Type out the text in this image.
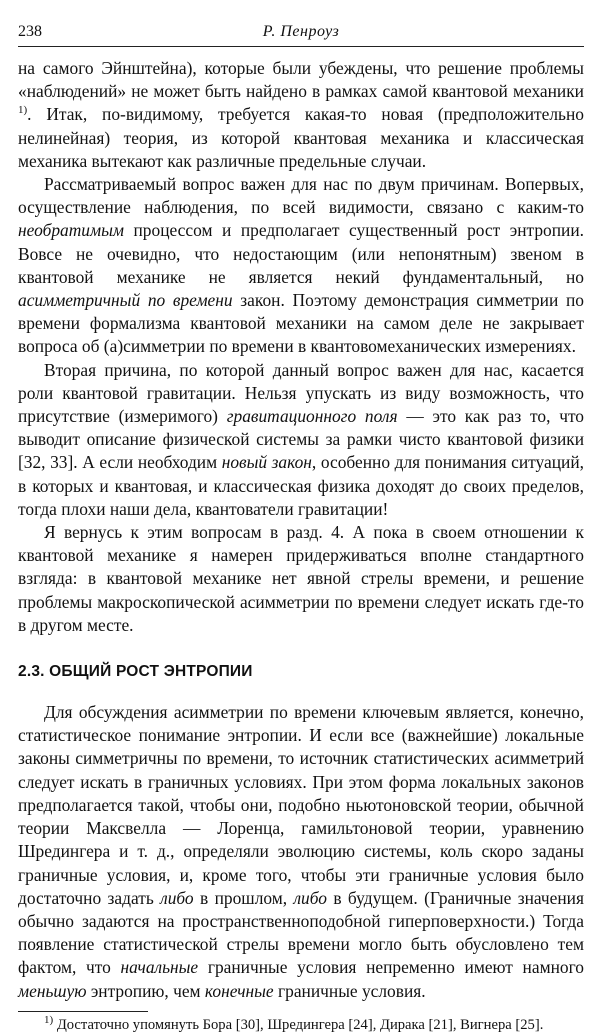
238	Р. Пенроуз

на самого Эйнштейна), которые были убеждены, что решение проблемы «наблюдений» не может быть найдено в рамках самой квантовой механики $^{1)}$. Итак, по-видимому, требуется какая-то новая (предположительно нелинейная) теория, из которой квантовая механика и классическая механика вытекают как различные предельные случаи.

Рассматриваемый вопрос важен для нас по двум причинам. Вопервых, осуществление наблюдения, по всей видимости, связано с каким-то необратимым процессом и предполагает существенный рост энтропии. Вовсе не очевидно, что недостающим (или непонятным) звеном в квантовой механике не является некий фундаментальный, но асимметричный по времени закон. Поэтому демонстрация симметрии по времени формализма квантовой механики на самом деле не закрывает вопроса об (а)симметрии по времени в квантовомеханических измерениях.

Вторая причина, по которой данный вопрос важен для нас, касается роли квантовой гравитации. Нельзя упускать из виду возможность, что присутствие (измеримого) гравитационного поля — это как раз то, что выводит описание физической системы за рамки чисто квантовой физики [32, 33]. А если необходим новый закон, особенно для понимания ситуаций, в которых и квантовая, и классическая физика доходят до своих пределов, тогда плохи наши дела, квантователи гравитации!

Я вернусь к этим вопросам в разд. 4. А пока в своем отношении к квантовой механике я намерен придерживаться вполне стандартного взгляда: в квантовой механике нет явной стрелы времени, и решение проблемы макроскопической асимметрии по времени следует искать где-то в другом месте.

2.3. ОБЩИЙ РОСТ ЭНТРОПИИ

Для обсуждения асимметрии по времени ключевым является, конечно, статистическое понимание энтропии. И если все (важнейшие) локальные законы симметричны по времени, то источник статистических асимметрий следует искать в граничных условиях. При этом форма локальных законов предполагается такой, чтобы они, подобно ньютоновской теории, обычной теории Максвелла — Лоренца, гамильтоновой теории, уравнению Шредингера и т. д., определяли эволюцию системы, коль скоро заданы граничные условия, и, кроме того, чтобы эти граничные условия было достаточно задать либо в прошлом, либо в будущем. (Граничные значения обычно задаются на пространственноподобной гиперповерхности.) Тогда появление статистической стрелы времени могло быть обусловлено тем фактом, что начальные граничные условия непременно имеют намного меньшую энтропию, чем конечные граничные условия.

$^{1)}$ Достаточно упомянуть Бора [30], Шредингера [24], Дирака [21], Вигнера [25].
